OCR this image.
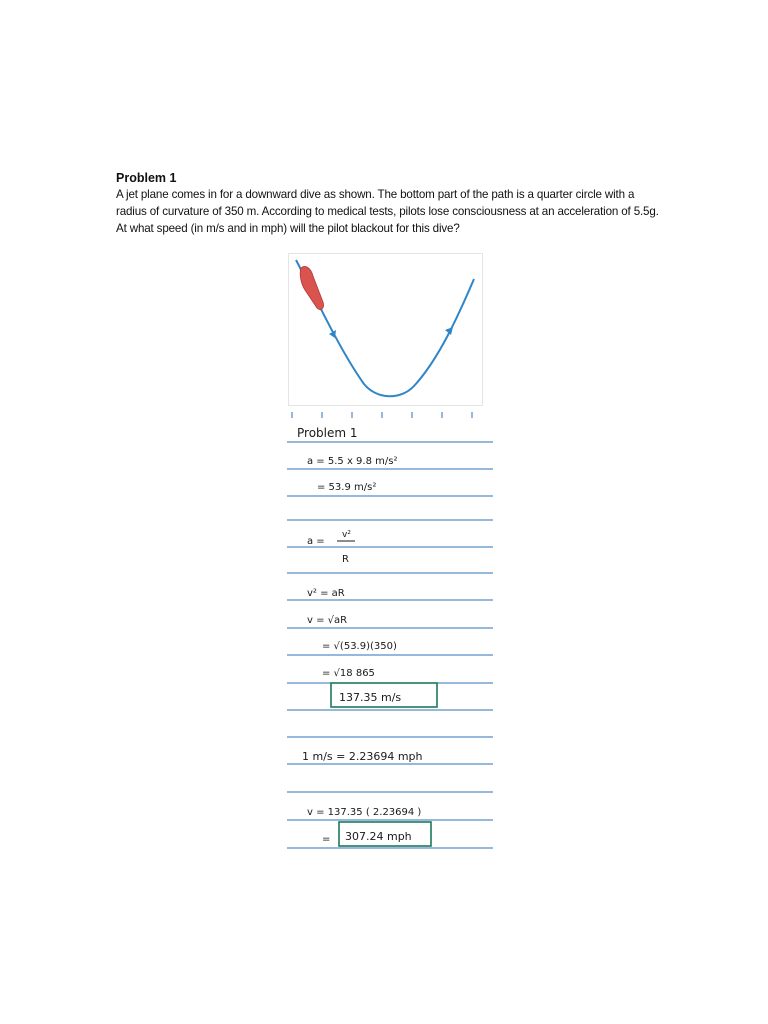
Problem 1
A jet plane comes in for a downward dive as shown. The bottom part of the path is a quarter circle with a
radius of curvature of 350 m. According to medical tests, pilots lose consciousness at an acceleration of 5.5g.
At what speed (in m/s and in mph) will the pilot blackout for this dive?
Problem 1
a = 5.5 x 9.8 m/s²
= 53.9 m/s²
a =
v²
R
v² = aR
v = √aR
= √(53.9)(350)
= √18 865
137.35 m/s
1 m/s = 2.23694 mph
v = 137.35 ( 2.23694 )
= 307.24 mph
